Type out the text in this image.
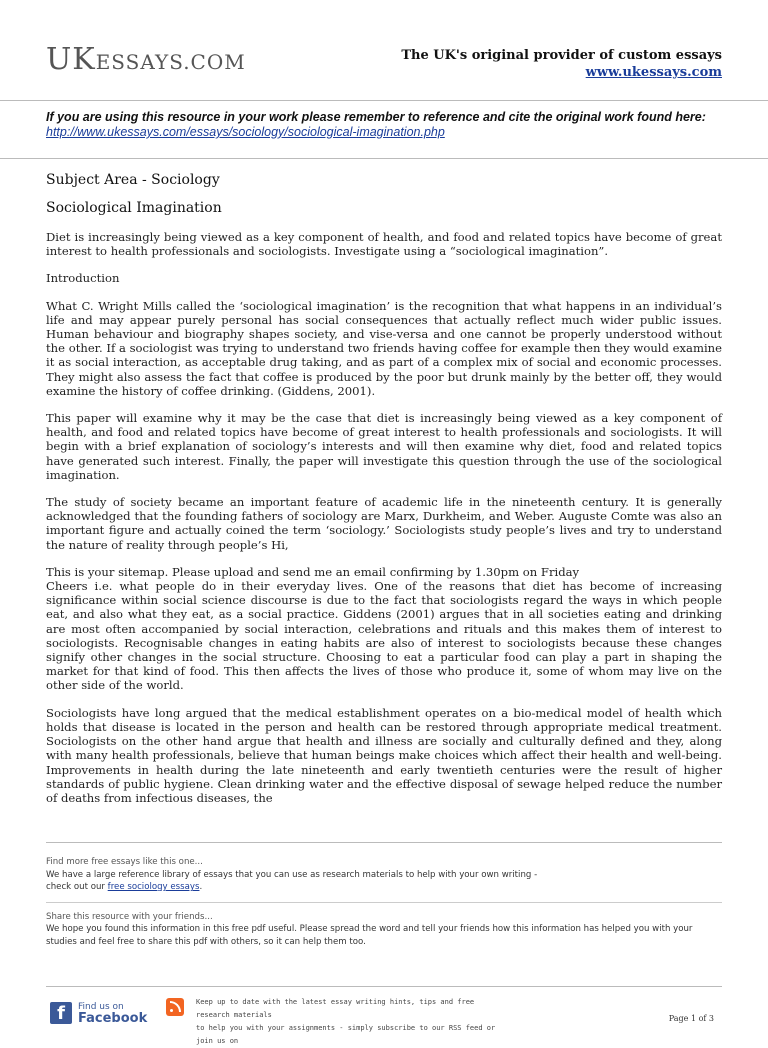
UKESSAYS.COM	The UK's original provider of custom essays
www.ukessays.com
If you are using this resource in your work please remember to reference and cite the original work found here:
http://www.ukessays.com/essays/sociology/sociological-imagination.php
Subject Area - Sociology
Sociological Imagination

Diet is increasingly being viewed as a key component of health, and food and related topics have become of great interest to health professionals and sociologists. Investigate using a “sociological imagination”.

Introduction

What C. Wright Mills called the ‘sociological imagination’ is the recognition that what happens in an individual’s life and may appear purely personal has social consequences that actually reflect much wider public issues. Human behaviour and biography shapes society, and vise-versa and one cannot be properly understood without the other. If a sociologist was trying to understand two friends having coffee for example then they would examine it as social interaction, as acceptable drug taking, and as part of a complex mix of social and economic processes. They might also assess the fact that coffee is produced by the poor but drunk mainly by the better off, they would examine the history of coffee drinking. (Giddens, 2001).

This paper will examine why it may be the case that diet is increasingly being viewed as a key component of health, and food and related topics have become of great interest to health professionals and sociologists. It will begin with a brief explanation of sociology’s interests and will then examine why diet, food and related topics have generated such interest. Finally, the paper will investigate this question through the use of the sociological imagination.

The study of society became an important feature of academic life in the nineteenth century. It is generally acknowledged that the founding fathers of sociology are Marx, Durkheim, and Weber. Auguste Comte was also an important figure and actually coined the term ‘sociology.’ Sociologists study people’s lives and try to understand the nature of reality through people’s Hi,

This is your sitemap. Please upload and send me an email confirming by 1.30pm on Friday

Cheers i.e. what people do in their everyday lives. One of the reasons that diet has become of increasing significance within social science discourse is due to the fact that sociologists regard the ways in which people eat, and also what they eat, as a social practice. Giddens (2001) argues that in all societies eating and drinking are most often accompanied by social interaction, celebrations and rituals and this makes them of interest to sociologists. Recognisable changes in eating habits are also of interest to sociologists because these changes signify other changes in the social structure. Choosing to eat a particular food can play a part in shaping the market for that kind of food. This then affects the lives of those who produce it, some of whom may live on the other side of the world.

Sociologists have long argued that the medical establishment operates on a bio-medical model of health which holds that disease is located in the person and health can be restored through appropriate medical treatment. Sociologists on the other hand argue that health and illness are socially and culturally defined and they, along with many health professionals, believe that human beings make choices which affect their health and well-being. Improvements in health during the late nineteenth and early twentieth centuries were the result of higher standards of public hygiene. Clean drinking water and the effective disposal of sewage helped reduce the number of deaths from infectious diseases, the

Find more free essays like this one...
We have a large reference library of essays that you can use as research materials to help with your own writing -
check out our free sociology essays.
Share this resource with your friends...
We hope you found this information in this free pdf useful. Please spread the word and tell your friends how this information has helped you with your studies and feel free to share this pdf with others, so it can help them too.
f	Find us on
Facebook
Keep up to date with the latest essay writing hints, tips and free research materials
to help you with your assignments - simply subscribe to our RSS feed or join us on
Page 1 of 3
